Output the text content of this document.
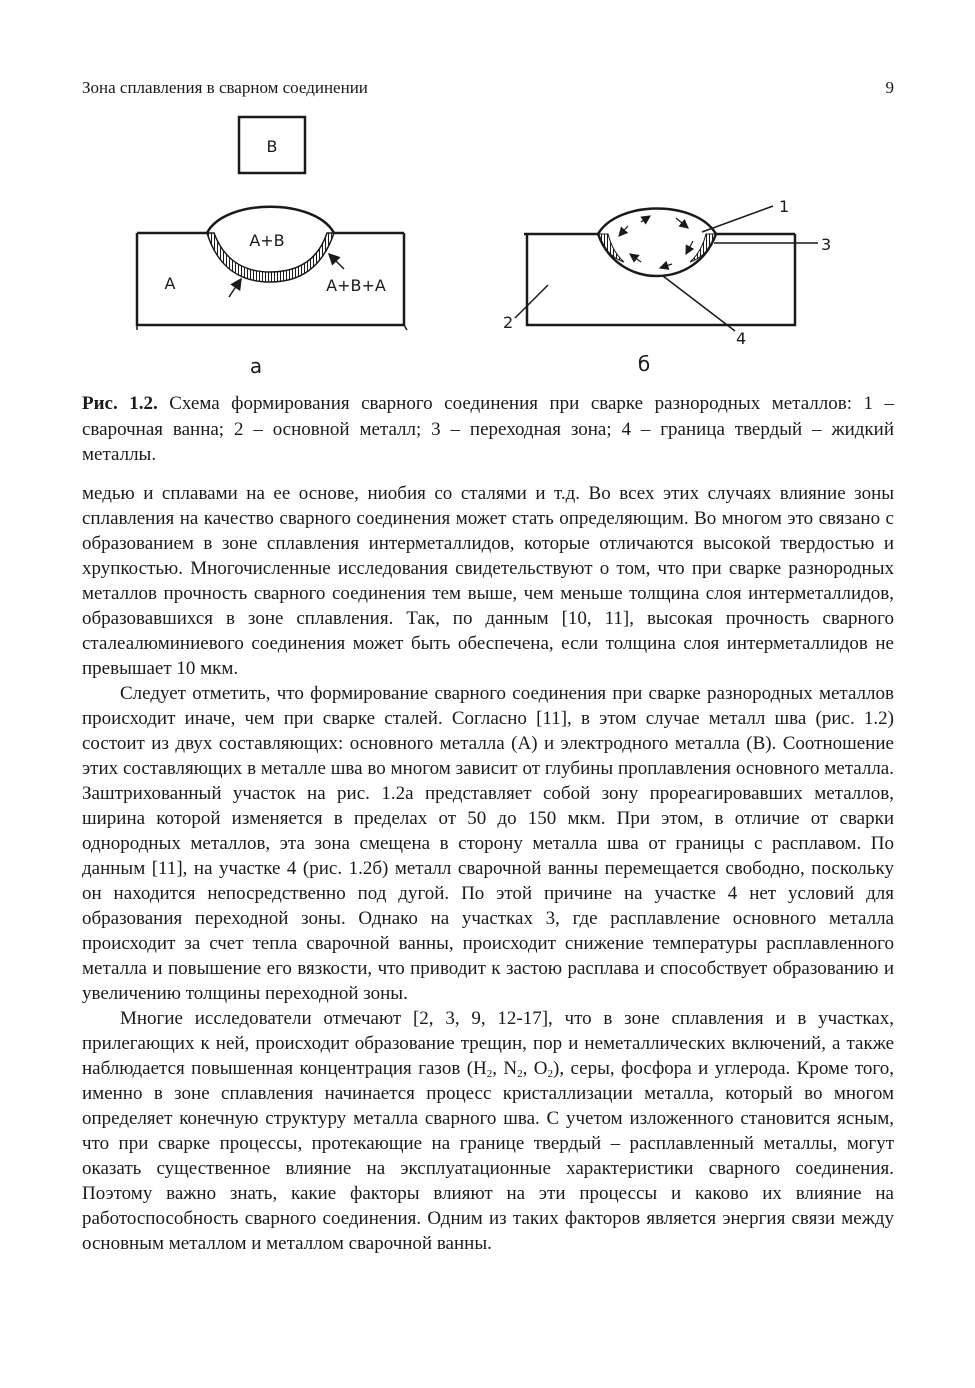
Зона сплавления в сварном соединении	9
B
A+B
A	A+B+A
а
1
2
3
4
б
Рис. 1.2. Схема формирования сварного соединения при сварке разнородных металлов: 1 – сварочная ванна; 2 – основной металл; 3 – переходная зона; 4 – граница твердый – жидкий металлы.

медью и сплавами на ее основе, ниобия со сталями и т.д. Во всех этих случаях влияние зоны сплавления на качество сварного соединения может стать определяющим. Во многом это связано с образованием в зоне сплавления интерметаллидов, которые отличаются высокой твердостью и хрупкостью. Многочисленные исследования свидетельствуют о том, что при сварке разнородных металлов прочность сварного соединения тем выше, чем меньше толщина слоя интерметаллидов, образовавшихся в зоне сплавления. Так, по данным [10, 11], высокая прочность сварного сталеалюминиевого соединения может быть обеспечена, если толщина слоя интерметаллидов не превышает 10 мкм.

Следует отметить, что формирование сварного соединения при сварке разнородных металлов происходит иначе, чем при сварке сталей. Согласно [11], в этом случае металл шва (рис. 1.2) состоит из двух составляющих: основного металла (А) и электродного металла (В). Соотношение этих составляющих в металле шва во многом зависит от глубины проплавления основного металла. Заштрихованный участок на рис. 1.2а представляет собой зону прореагировавших металлов, ширина которой изменяется в пределах от 50 до 150 мкм. При этом, в отличие от сварки однородных металлов, эта зона смещена в сторону металла шва от границы с расплавом. По данным [11], на участке 4 (рис. 1.2б) металл сварочной ванны перемещается свободно, поскольку он находится непосредственно под дугой. По этой причине на участке 4 нет условий для образования переходной зоны. Однако на участках 3, где расплавление основного металла происходит за счет тепла сварочной ванны, происходит снижение температуры расплавленного металла и повышение его вязкости, что приводит к застою расплава и способствует образованию и увеличению толщины переходной зоны.

Многие исследователи отмечают [2, 3, 9, 12-17], что в зоне сплавления и в участках, прилегающих к ней, происходит образование трещин, пор и неметаллических включений, а также наблюдается повышенная концентрация газов ($H_2$, $N_2$, $O_2$), серы, фосфора и углерода. Кроме того, именно в зоне сплавления начинается процесс кристаллизации металла, который во многом определяет конечную структуру металла сварного шва. С учетом изложенного становится ясным, что при сварке процессы, протекающие на границе твердый – расплавленный металлы, могут оказать существенное влияние на эксплуатационные характеристики сварного соединения. Поэтому важно знать, какие факторы влияют на эти процессы и каково их влияние на работоспособность сварного соединения. Одним из таких факторов является энергия связи между основным металлом и металлом сварочной ванны.
